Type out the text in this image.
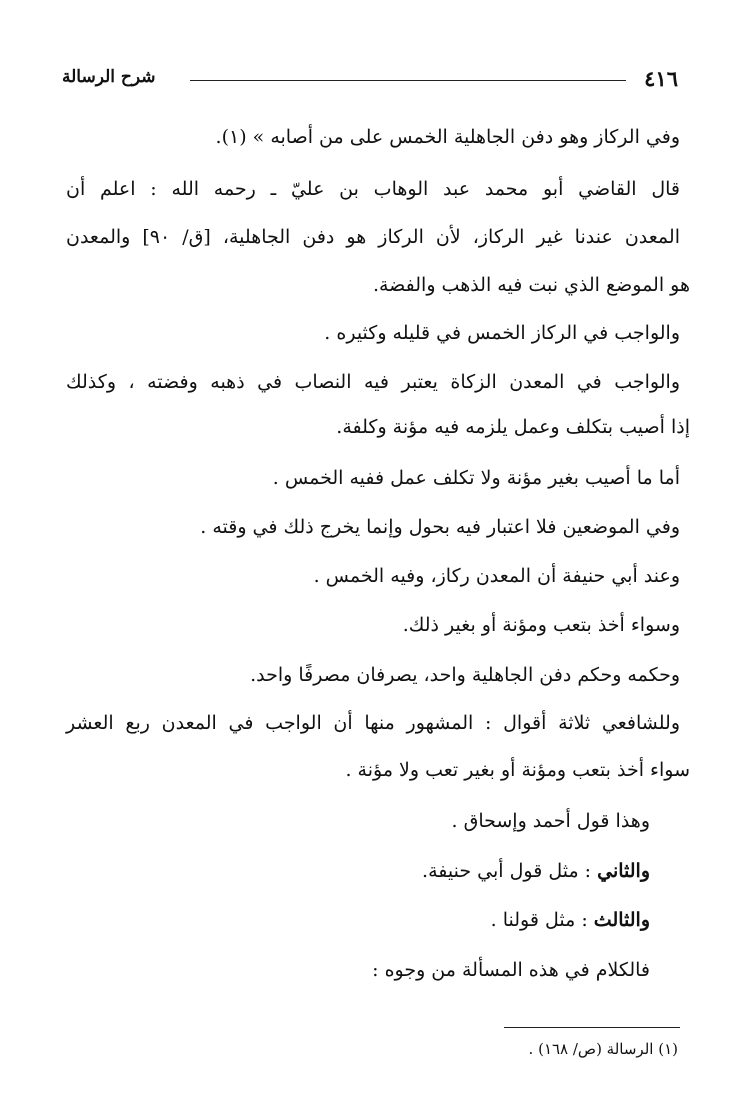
٤١٦
شرح الرسالة
وفي الركاز وهو دفن الجاهلية الخمس على من أصابه » (١).
قال القاضي أبو محمد عبد الوهاب بن عليّ ـ رحمه الله : اعلم أن
المعدن عندنا غير الركاز، لأن الركاز هو دفن الجاهلية، [ق/ ٩٠] والمعدن
هو الموضع الذي نبت فيه الذهب والفضة.
والواجب في الركاز الخمس في قليله وكثيره .
والواجب في المعدن الزكاة يعتبر فيه النصاب في ذهبه وفضته ، وكذلك
إذا أصيب بتكلف وعمل يلزمه فيه مؤنة وكلفة.
أما ما أصيب بغير مؤنة ولا تكلف عمل ففيه الخمس .
وفي الموضعين فلا اعتبار فيه بحول وإنما يخرج ذلك في وقته .
وعند أبي حنيفة أن المعدن ركاز، وفيه الخمس .
وسواء أخذ بتعب ومؤنة أو بغير ذلك.
وحكمه وحكم دفن الجاهلية واحد، يصرفان مصرفًا واحد.
وللشافعي ثلاثة أقوال : المشهور منها أن الواجب في المعدن ربع العشر
سواء أخذ بتعب ومؤنة أو بغير تعب ولا مؤنة .
وهذا قول أحمد وإسحاق .
والثاني : مثل قول أبي حنيفة.
والثالث : مثل قولنا .
فالكلام في هذه المسألة من وجوه :
(١) الرسالة (ص/ ١٦٨) .
